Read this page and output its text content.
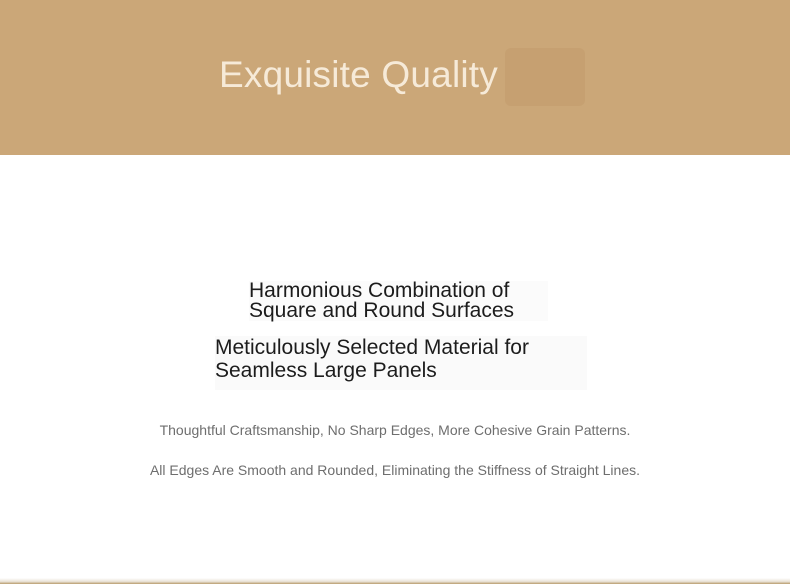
Exquisite Quality
Harmonious Combination of
Square and Round Surfaces
Meticulously Selected Material for
Seamless Large Panels

Thoughtful Craftsmanship, No Sharp Edges, More Cohesive Grain Patterns.

All Edges Are Smooth and Rounded, Eliminating the Stiffness of Straight Lines.
